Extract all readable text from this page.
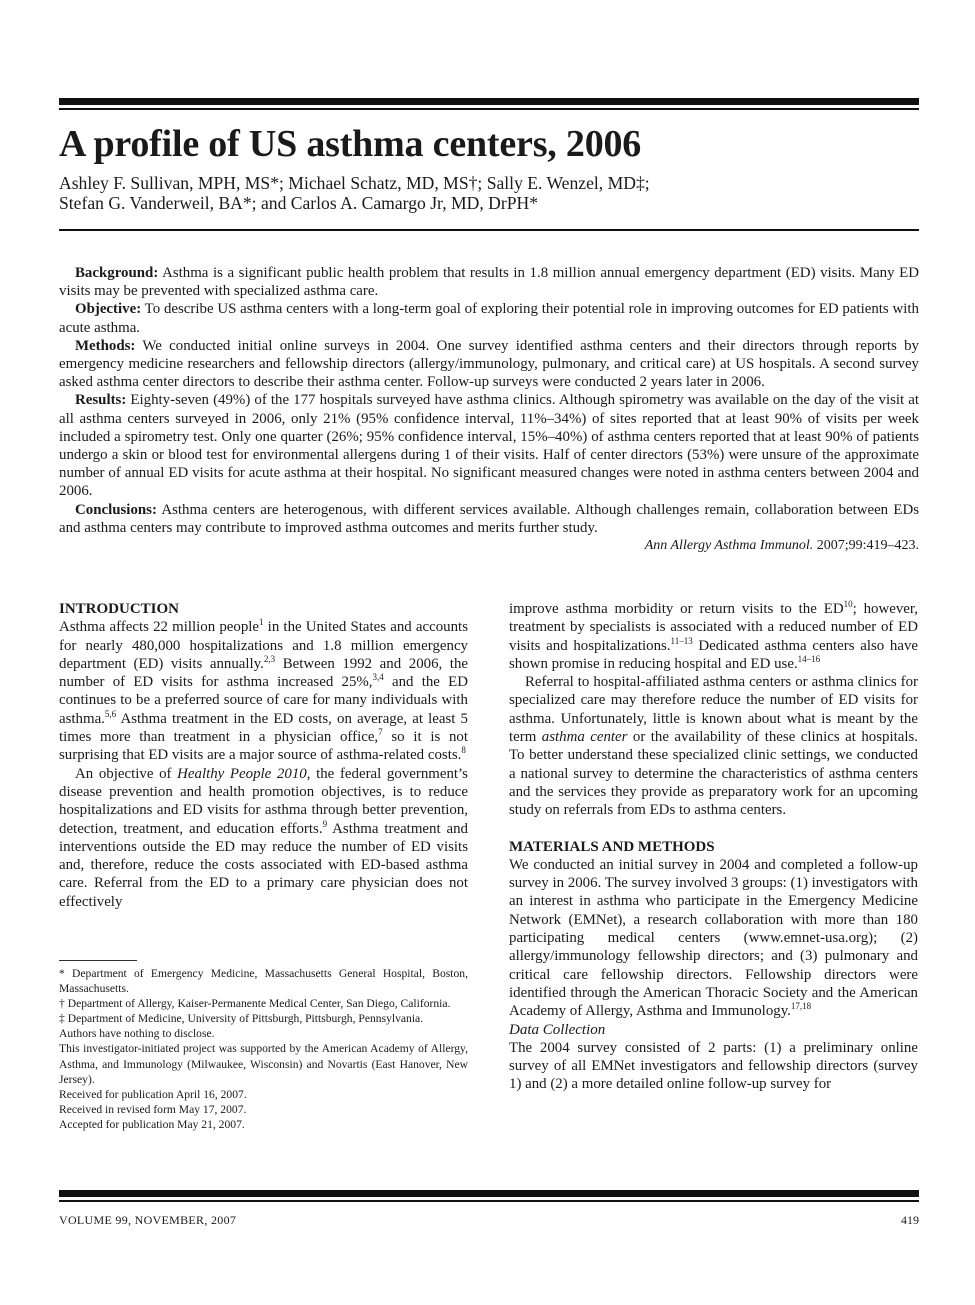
A profile of US asthma centers, 2006
Ashley F. Sullivan, MPH, MS*; Michael Schatz, MD, MS†; Sally E. Wenzel, MD‡;
Stefan G. Vanderweil, BA*; and Carlos A. Camargo Jr, MD, DrPH*

Background: Asthma is a significant public health problem that results in 1.8 million annual emergency department (ED) visits. Many ED visits may be prevented with specialized asthma care.

Objective: To describe US asthma centers with a long-term goal of exploring their potential role in improving outcomes for ED patients with acute asthma.

Methods: We conducted initial online surveys in 2004. One survey identified asthma centers and their directors through reports by emergency medicine researchers and fellowship directors (allergy/immunology, pulmonary, and critical care) at US hospitals. A second survey asked asthma center directors to describe their asthma center. Follow-up surveys were conducted 2 years later in 2006.

Results: Eighty-seven (49%) of the 177 hospitals surveyed have asthma clinics. Although spirometry was available on the day of the visit at all asthma centers surveyed in 2006, only 21% (95% confidence interval, 11%–34%) of sites reported that at least 90% of visits per week included a spirometry test. Only one quarter (26%; 95% confidence interval, 15%–40%) of asthma centers reported that at least 90% of patients undergo a skin or blood test for environmental allergens during 1 of their visits. Half of center directors (53%) were unsure of the approximate number of annual ED visits for acute asthma at their hospital. No significant measured changes were noted in asthma centers between 2004 and 2006.

Conclusions: Asthma centers are heterogenous, with different services available. Although challenges remain, collaboration between EDs and asthma centers may contribute to improved asthma outcomes and merits further study.

Ann Allergy Asthma Immunol. 2007;99:419–423.
INTRODUCTION

Asthma affects 22 million people$^1$ in the United States and accounts for nearly 480,000 hospitalizations and 1.8 million emergency department (ED) visits annually.$^{2,3}$ Between 1992 and 2006, the number of ED visits for asthma increased 25%,$^{3,4}$ and the ED continues to be a preferred source of care for many individuals with asthma.$^{5,6}$ Asthma treatment in the ED costs, on average, at least 5 times more than treatment in a physician office,$^7$ so it is not surprising that ED visits are a major source of asthma-related costs.$^8$

An objective of Healthy People 2010, the federal government’s disease prevention and health promotion objectives, is to reduce hospitalizations and ED visits for asthma through better prevention, detection, treatment, and education efforts.$^9$ Asthma treatment and interventions outside the ED may reduce the number of ED visits and, therefore, reduce the costs associated with ED-based asthma care. Referral from the ED to a primary care physician does not effectively

* Department of Emergency Medicine, Massachusetts General Hospital, Boston, Massachusetts.

† Department of Allergy, Kaiser-Permanente Medical Center, San Diego, California.

‡ Department of Medicine, University of Pittsburgh, Pittsburgh, Pennsylvania.

Authors have nothing to disclose.

This investigator-initiated project was supported by the American Academy of Allergy, Asthma, and Immunology (Milwaukee, Wisconsin) and Novartis (East Hanover, New Jersey).

Received for publication April 16, 2007.

Received in revised form May 17, 2007.

Accepted for publication May 21, 2007.

improve asthma morbidity or return visits to the ED$^{10}$; however, treatment by specialists is associated with a reduced number of ED visits and hospitalizations.$^{11-13}$ Dedicated asthma centers also have shown promise in reducing hospital and ED use.$^{14-16}$

Referral to hospital-affiliated asthma centers or asthma clinics for specialized care may therefore reduce the number of ED visits for asthma. Unfortunately, little is known about what is meant by the term asthma center or the availability of these clinics at hospitals. To better understand these specialized clinic settings, we conducted a national survey to determine the characteristics of asthma centers and the services they provide as preparatory work for an upcoming study on referrals from EDs to asthma centers.

MATERIALS AND METHODS

We conducted an initial survey in 2004 and completed a follow-up survey in 2006. The survey involved 3 groups: (1) investigators with an interest in asthma who participate in the Emergency Medicine Network (EMNet), a research collaboration with more than 180 participating medical centers (www.emnet-usa.org); (2) allergy/immunology fellowship directors; and (3) pulmonary and critical care fellowship directors. Fellowship directors were identified through the American Thoracic Society and the American Academy of Allergy, Asthma and Immunology.$^{17,18}$

Data Collection

The 2004 survey consisted of 2 parts: (1) a preliminary online survey of all EMNet investigators and fellowship directors (survey 1) and (2) a more detailed online follow-up survey for

VOLUME 99, NOVEMBER, 2007	419
